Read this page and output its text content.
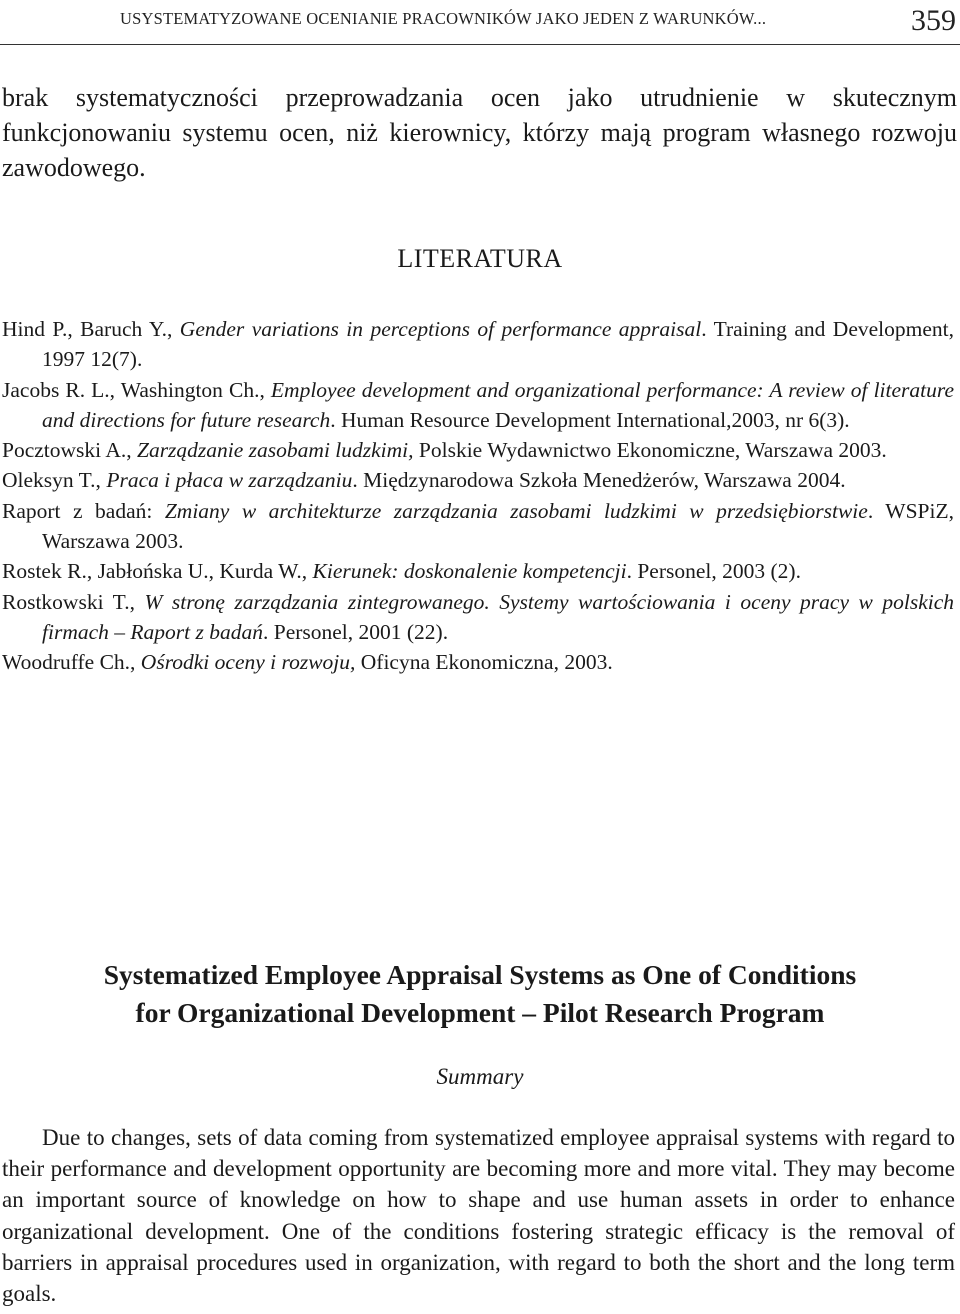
USYSTEMATYZOWANE OCENIANIE PRACOWNIKÓW JAKO JEDEN Z WARUNKÓW...	359

brak systematyczności przeprowadzania ocen jako utrudnienie w skutecznym funkcjonowaniu systemu ocen, niż kierownicy, którzy mają program własnego rozwoju zawodowego.

LITERATURA
Hind P., Baruch Y., Gender variations in perceptions of performance appraisal. Training and Development, 1997 12(7).
Jacobs R. L., Washington Ch., Employee development and organizational performance: A review of literature and directions for future research. Human Resource Development International,2003, nr 6(3).
Pocztowski A., Zarządzanie zasobami ludzkimi, Polskie Wydawnictwo Ekonomiczne, Warszawa 2003.
Oleksyn T., Praca i płaca w zarządzaniu. Międzynarodowa Szkoła Menedżerów, Warszawa 2004.
Raport z badań: Zmiany w architekturze zarządzania zasobami ludzkimi w przedsiębiorstwie. WSPiZ, Warszawa 2003.
Rostek R., Jabłońska U., Kurda W., Kierunek: doskonalenie kompetencji. Personel, 2003 (2).
Rostkowski T., W stronę zarządzania zintegrowanego. Systemy wartościowania i oceny pracy w polskich firmach – Raport z badań. Personel, 2001 (22).
Woodruffe Ch., Ośrodki oceny i rozwoju, Oficyna Ekonomiczna, 2003.
Systematized Employee Appraisal Systems as One of Conditions
for Organizational Development – Pilot Research Program
Summary

Due to changes, sets of data coming from systematized employee appraisal systems with regard to their performance and development opportunity are becoming more and more vital. They may become an important source of knowledge on how to shape and use human assets in order to enhance organizational development. One of the conditions fostering strategic efficacy is the removal of barriers in appraisal procedures used in organization, with regard to both the short and the long term goals.
